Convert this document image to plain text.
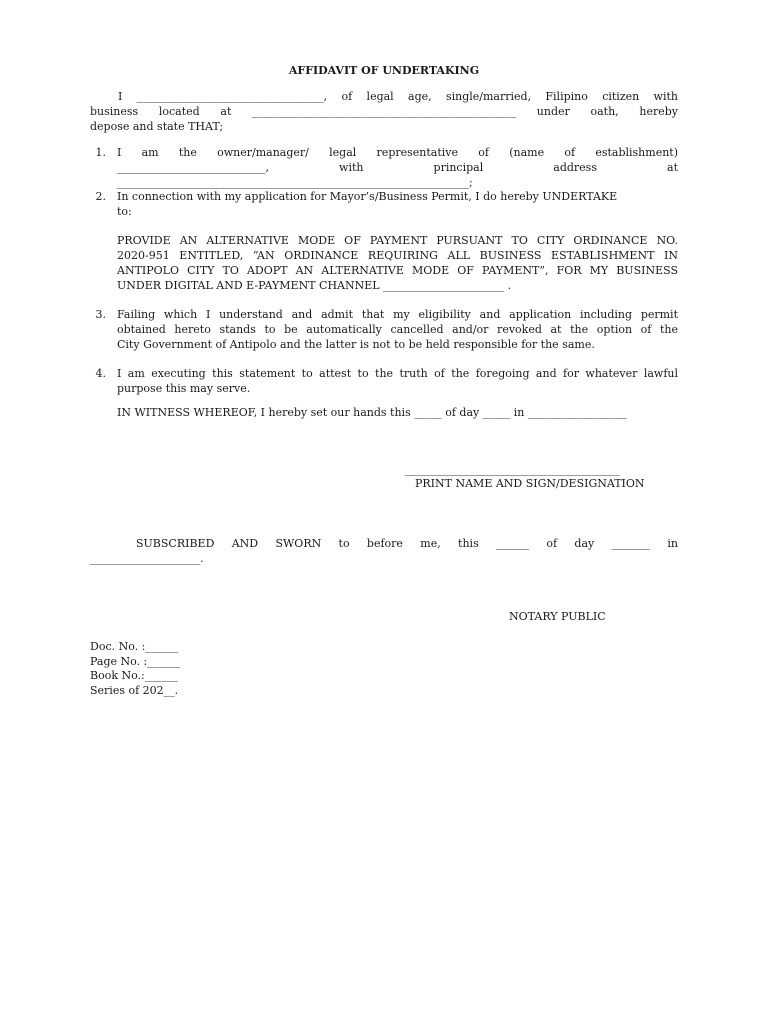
AFFIDAVIT OF UNDERTAKING
I __________________________________, of legal age, single/married, Filipino citizen with
business located at ________________________________________________ under oath, hereby
depose and state THAT;
1. I am the owner/manager/ legal representative of (name of establishment)
___________________________, with principal address at
________________________________________________________________;
2. In connection with my application for Mayor’s/Business Permit, I do hereby UNDERTAKE
to:
PROVIDE AN ALTERNATIVE MODE OF PAYMENT PURSUANT TO CITY ORDINANCE NO.
2020-951 ENTITLED, “AN ORDINANCE REQUIRING ALL BUSINESS ESTABLISHMENT IN
ANTIPOLO CITY TO ADOPT AN ALTERNATIVE MODE OF PAYMENT”, FOR MY BUSINESS
UNDER DIGITAL AND E-PAYMENT CHANNEL ______________________ .
3. Failing which I understand and admit that my eligibility and application including permit
obtained hereto stands to be automatically cancelled and/or revoked at the option of the
City Government of Antipolo and the latter is not to be held responsible for the same.
4. I am executing this statement to attest to the truth of the foregoing and for whatever lawful
purpose this may serve.
IN WITNESS WHEREOF, I hereby set our hands this _____ of day _____ in __________________
_______________________________________
PRINT NAME AND SIGN/DESIGNATION
SUBSCRIBED AND SWORN to before me, this ______ of day _______ in
____________________.
NOTARY PUBLIC
Doc. No. :______
Page No. :______
Book No.:______
Series of 202__.
